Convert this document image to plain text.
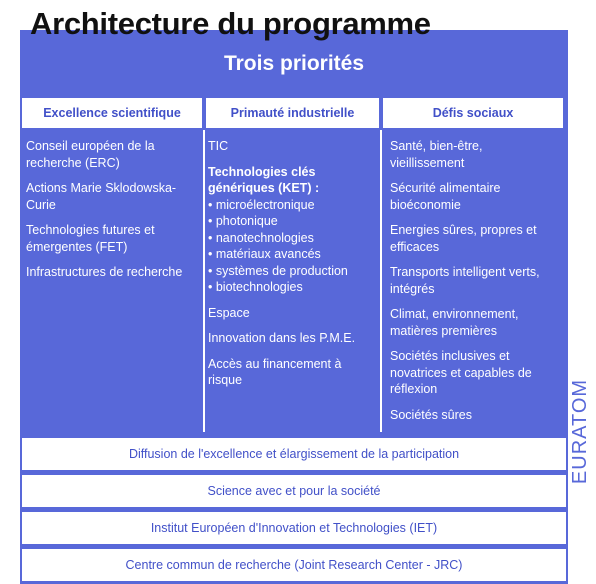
Architecture du programme
Trois priorités
Excellence scientifique	Primauté industrielle	Défis sociaux
Conseil européen de la recherche (ERC)
Actions Marie Sklodowska-Curie
Technologies futures et émergentes (FET)
Infrastructures de recherche
TIC
Technologies clés génériques (KET) :
• microélectronique
• photonique
• nanotechnologies
• matériaux avancés
• systèmes de production
• biotechnologies
Espace
Innovation dans les P.M.E.
Accès au financement à risque
Santé, bien-être, vieillissement
Sécurité alimentaire bioéconomie
Energies sûres, propres et efficaces
Transports intelligent verts, intégrés
Climat, environnement, matières premières
Sociétés inclusives et novatrices et capables de réflexion
Sociétés sûres
Diffusion de l'excellence et élargissement de la participation
Science avec et pour la société
Institut Européen d'Innovation et Technologies (IET)
Centre commun de recherche (Joint Research Center - JRC)
EURATOM
